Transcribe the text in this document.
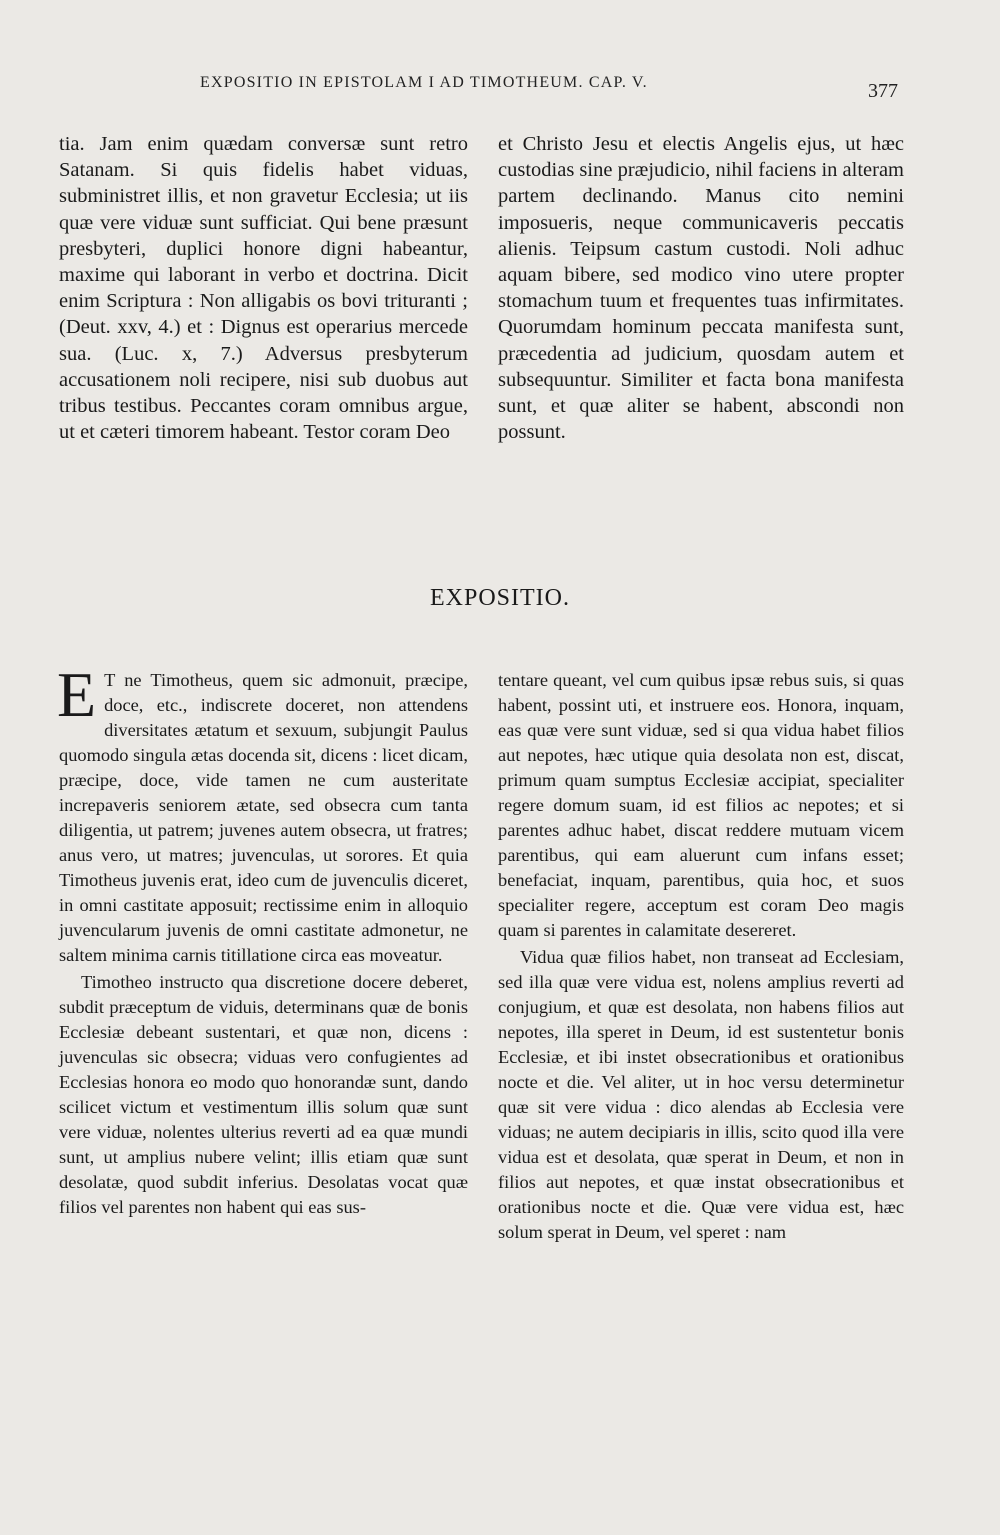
EXPOSITIO IN EPISTOLAM I AD TIMOTHEUM. CAP. V.	377

tia. Jam enim quædam conversæ sunt retro Satanam. Si quis fidelis habet viduas, subministret illis, et non gravetur Ecclesia; ut iis quæ vere viduæ sunt sufficiat. Qui bene præsunt presbyteri, duplici honore digni habeantur, maxime qui laborant in verbo et doctrina. Dicit enim Scriptura : Non alligabis os bovi trituranti ; (Deut. xxv, 4.) et : Dignus est operarius mercede sua. (Luc. x, 7.) Adversus presbyterum accusationem noli recipere, nisi sub duobus aut tribus testibus. Peccantes coram omnibus argue, ut et cæteri timorem habeant. Testor coram Deo

et Christo Jesu et electis Angelis ejus, ut hæc custodias sine præjudicio, nihil faciens in alteram partem declinando. Manus cito nemini imposueris, neque communicaveris peccatis alienis. Teipsum castum custodi. Noli adhuc aquam bibere, sed modico vino utere propter stomachum tuum et frequentes tuas infirmitates. Quorumdam hominum peccata manifesta sunt, præcedentia ad judicium, quosdam autem et subsequuntur. Similiter et facta bona manifesta sunt, et quæ aliter se habent, abscondi non possunt.

EXPOSITIO.

E T ne Timotheus, quem sic admonuit, præcipe, doce, etc., indiscrete doceret, non attendens diversitates ætatum et sexuum, subjungit Paulus quomodo singula ætas docenda sit, dicens : licet dicam, præcipe, doce, vide tamen ne cum austeritate increpaveris seniorem ætate, sed obsecra cum tanta diligentia, ut patrem; juvenes autem obsecra, ut fratres; anus vero, ut matres; juvenculas, ut sorores. Et quia Timotheus juvenis erat, ideo cum de juvenculis diceret, in omni castitate apposuit; rectissime enim in alloquio juvencularum juvenis de omni castitate admonetur, ne saltem minima carnis titillatione circa eas moveatur.

Timotheo instructo qua discretione docere deberet, subdit præceptum de viduis, determinans quæ de bonis Ecclesiæ debeant sustentari, et quæ non, dicens : juvenculas sic obsecra; viduas vero confugientes ad Ecclesias honora eo modo quo honorandæ sunt, dando scilicet victum et vestimentum illis solum quæ sunt vere viduæ, nolentes ulterius reverti ad ea quæ mundi sunt, ut amplius nubere velint; illis etiam quæ sunt desolatæ, quod subdit inferius. Desolatas vocat quæ filios vel parentes non habent qui eas sus-

tentare queant, vel cum quibus ipsæ rebus suis, si quas habent, possint uti, et instruere eos. Honora, inquam, eas quæ vere sunt viduæ, sed si qua vidua habet filios aut nepotes, hæc utique quia desolata non est, discat, primum quam sumptus Ecclesiæ accipiat, specialiter regere domum suam, id est filios ac nepotes; et si parentes adhuc habet, discat reddere mutuam vicem parentibus, qui eam aluerunt cum infans esset; benefaciat, inquam, parentibus, quia hoc, et suos specialiter regere, acceptum est coram Deo magis quam si parentes in calamitate desereret.

Vidua quæ filios habet, non transeat ad Ecclesiam, sed illa quæ vere vidua est, nolens amplius reverti ad conjugium, et quæ est desolata, non habens filios aut nepotes, illa speret in Deum, id est sustentetur bonis Ecclesiæ, et ibi instet obsecrationibus et orationibus nocte et die. Vel aliter, ut in hoc versu determinetur quæ sit vere vidua : dico alendas ab Ecclesia vere viduas; ne autem decipiaris in illis, scito quod illa vere vidua est et desolata, quæ sperat in Deum, et non in filios aut nepotes, et quæ instat obsecrationibus et orationibus nocte et die. Quæ vere vidua est, hæc solum sperat in Deum, vel speret : nam
